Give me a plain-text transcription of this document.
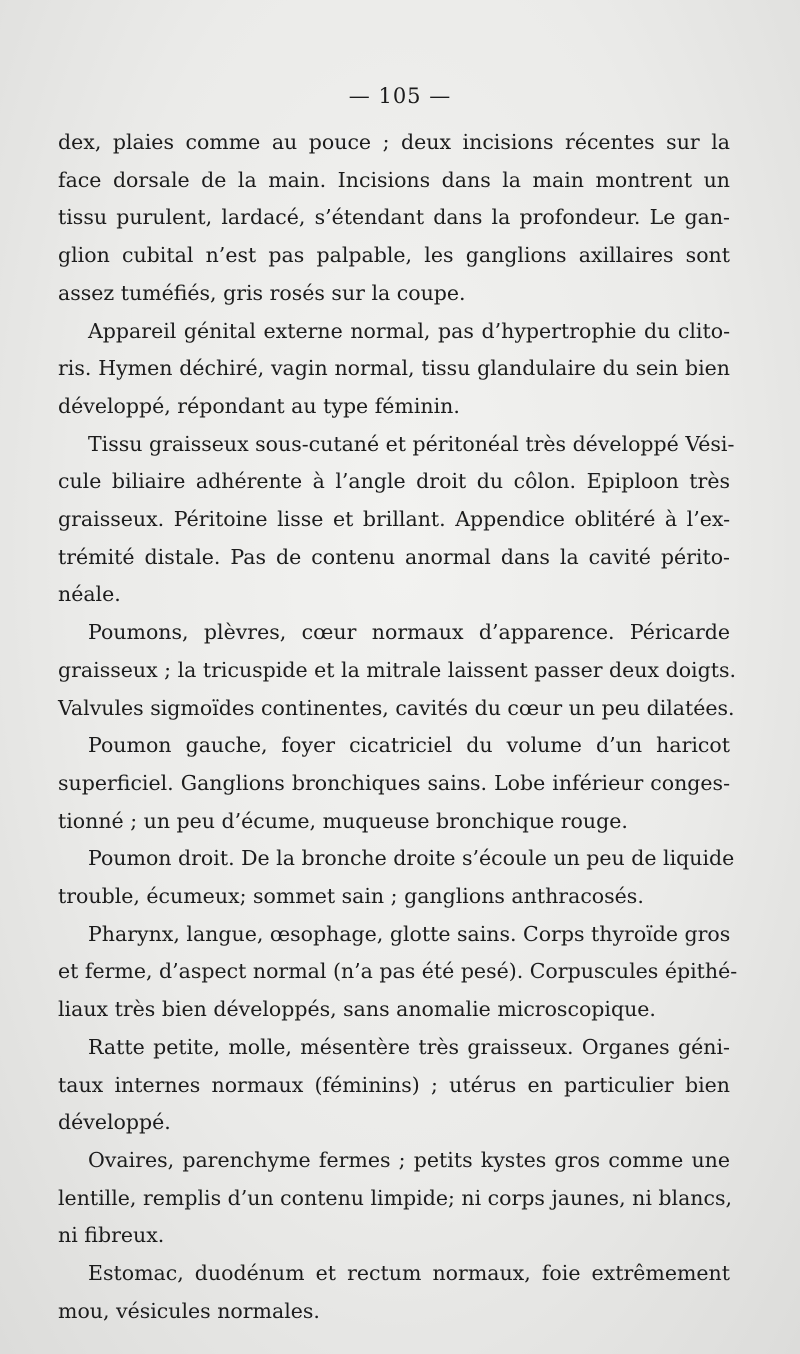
— 105 —
dex, plaies comme au pouce ; deux incisions récentes sur la
face dorsale de la main. Incisions dans la main montrent un
tissu purulent, lardacé, s’étendant dans la profondeur. Le gan-
glion cubital n’est pas palpable, les ganglions axillaires sont
assez tuméfiés, gris rosés sur la coupe.
Appareil génital externe normal, pas d’hypertrophie du clito-
ris. Hymen déchiré, vagin normal, tissu glandulaire du sein bien
développé, répondant au type féminin.
Tissu graisseux sous-cutané et péritonéal très développé Vési-
cule biliaire adhérente à l’angle droit du côlon. Epiploon très
graisseux. Péritoine lisse et brillant. Appendice oblitéré à l’ex-
trémité distale. Pas de contenu anormal dans la cavité périto-
néale.
Poumons, plèvres, cœur normaux d’apparence. Péricarde
graisseux ; la tricuspide et la mitrale laissent passer deux doigts.
Valvules sigmoïdes continentes, cavités du cœur un peu dilatées.
Poumon gauche, foyer cicatriciel du volume d’un haricot
superficiel. Ganglions bronchiques sains. Lobe inférieur conges-
tionné ; un peu d’écume, muqueuse bronchique rouge.
Poumon droit. De la bronche droite s’écoule un peu de liquide
trouble, écumeux; sommet sain ; ganglions anthracosés.
Pharynx, langue, œsophage, glotte sains. Corps thyroïde gros
et ferme, d’aspect normal (n’a pas été pesé). Corpuscules épithé-
liaux très bien développés, sans anomalie microscopique.
Ratte petite, molle, mésentère très graisseux. Organes géni-
taux internes normaux (féminins) ; utérus en particulier bien
développé.
Ovaires, parenchyme fermes ; petits kystes gros comme une
lentille, remplis d’un contenu limpide; ni corps jaunes, ni blancs,
ni fibreux.
Estomac, duodénum et rectum normaux, foie extrêmement
mou, vésicules normales.
